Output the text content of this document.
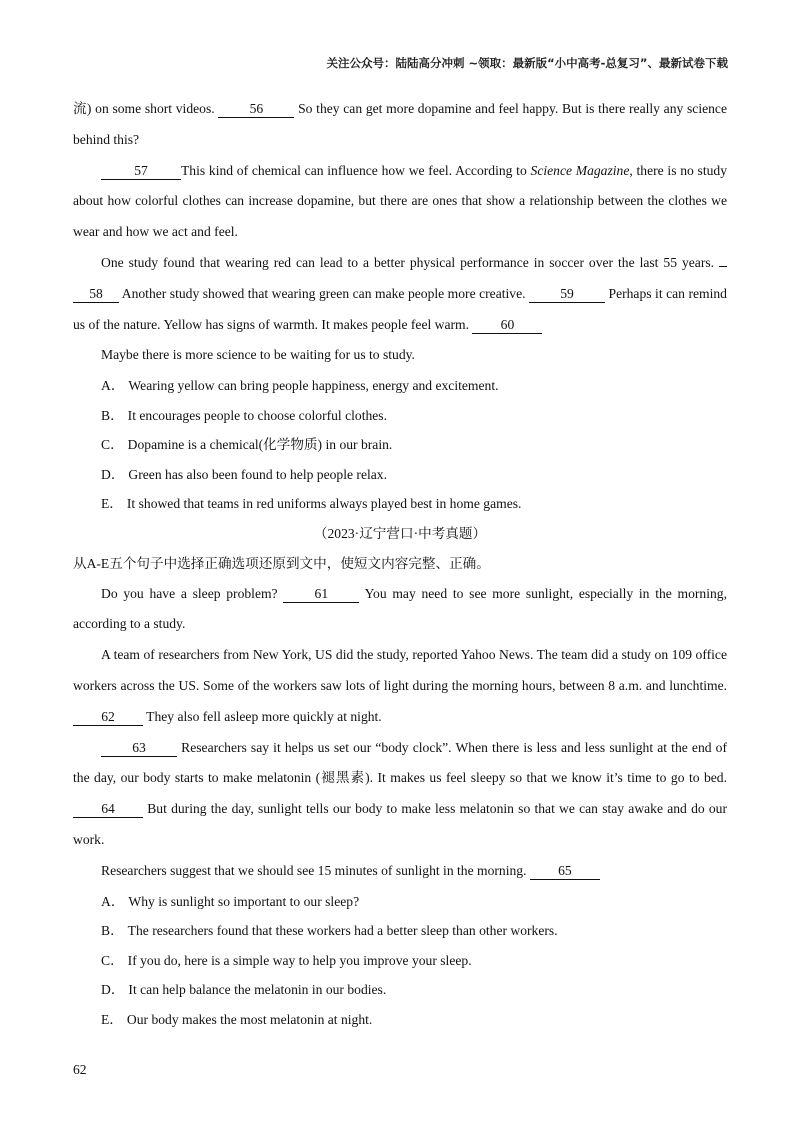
关注公众号：陆陆高分冲刺 ~领取：最新版“小中高考-总复习”、最新试卷下载

流) on some short videos.	56	So they can get more dopamine and feel happy. But is there really any science behind this?

57 This kind of chemical can influence how we feel. According to Science Magazine, there is no study about how colorful clothes can increase dopamine, but there are ones that show a relationship between the clothes we wear and how we act and feel.

One study found that wearing red can lead to a better physical performance in soccer over the last 55 years.  58 Another study showed that wearing green can make people more creative.	59	Perhaps it can remind us of the nature. Yellow has signs of warmth. It makes people feel warm. 60

Maybe there is more science to be waiting for us to study.

A． Wearing yellow can bring people happiness, energy and excitement.

B． It encourages people to choose colorful clothes.

C． Dopamine is a chemical(化学物质) in our brain.

D． Green has also been found to help people relax.

E． It showed that teams in red uniforms always played best in home games.

（2023·辽宁营口·中考真题）

从A-E五个句子中选择正确选项还原到文中，使短文内容完整、正确。

Do you have a sleep problem?	61	You may need to see more sunlight, especially in the morning, according to a study.

A team of researchers from New York, US did the study, reported Yahoo News. The team did a study on 109 office workers across the US. Some of the workers saw lots of light during the morning hours, between 8 a.m. and lunchtime. 62 They also fell asleep more quickly at night.

63	Researchers say it helps us set our “body clock”. When there is less and less sunlight at the end of the day, our body starts to make melatonin (褪黑素). It makes us feel sleepy so that we know it’s time to go to bed. 64 But during the day, sunlight tells our body to make less melatonin so that we can stay awake and do our work.

Researchers suggest that we should see 15 minutes of sunlight in the morning. 65

A． Why is sunlight so important to our sleep?

B． The researchers found that these workers had a better sleep than other workers.

C． If you do, here is a simple way to help you improve your sleep.

D． It can help balance the melatonin in our bodies.

E． Our body makes the most melatonin at night.

62
